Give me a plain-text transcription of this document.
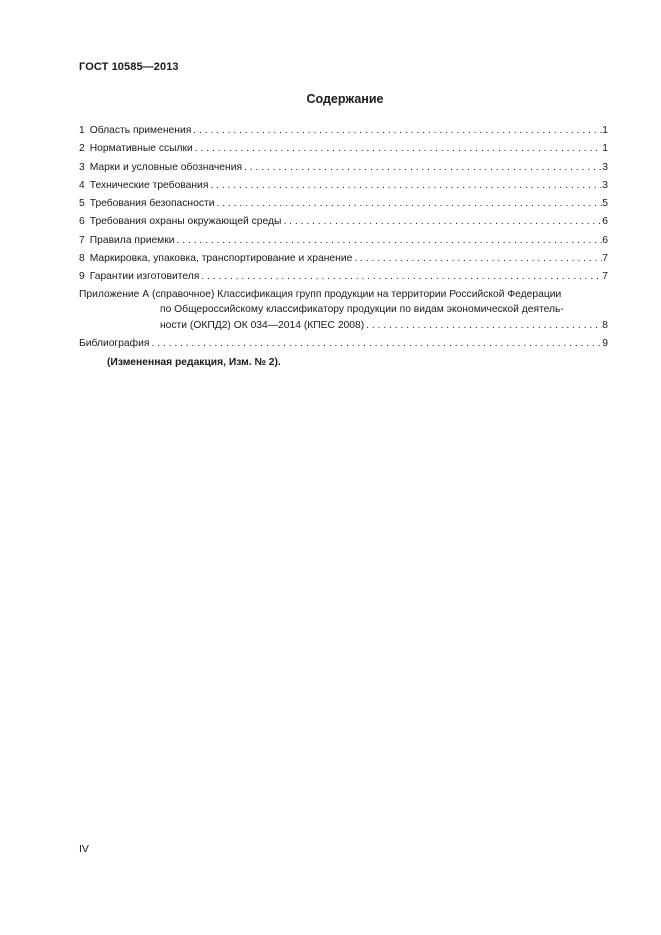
ГОСТ 10585—2013
Содержание
1 Область применения . . .	1
2 Нормативные ссылки . . .	1
3 Марки и условные обозначения . . .	3
4 Технические требования . . .	3
5 Требования безопасности . . .	5
6 Требования охраны окружающей среды . . .	6
7 Правила приемки . . .	6
8 Маркировка, упаковка, транспортирование и хранение . . .	7
9 Гарантии изготовителя . . .	7
Приложение А (справочное) Классификация групп продукции на территории Российской Федерации
по Общероссийскому классификатору продукции по видам экономической деятель-
ности (ОКПД2) ОК 034—2014 (КПЕС 2008) . . .	8
Библиография . . .	9
(Измененная редакция, Изм. № 2).
IV
